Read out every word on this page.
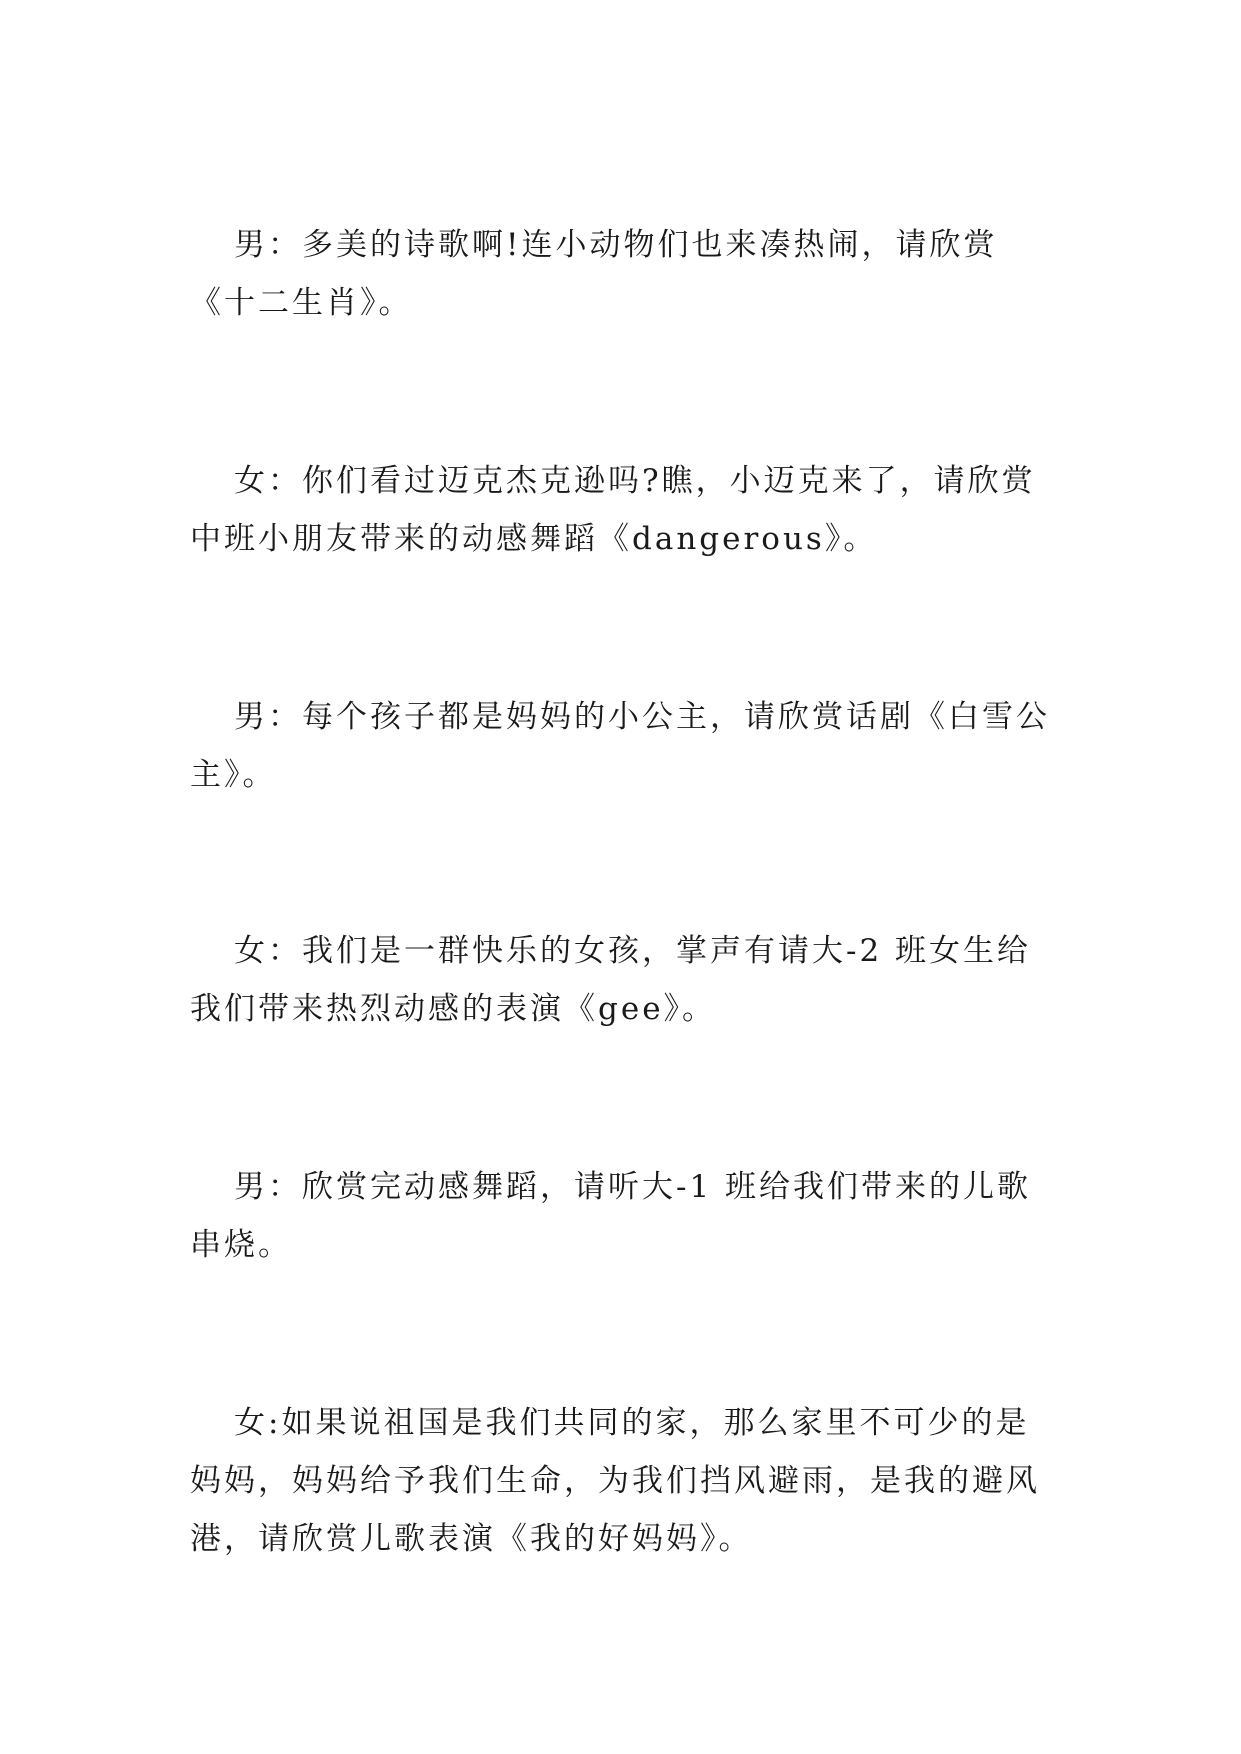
男：多美的诗歌啊!连小动物们也来凑热闹，请欣赏《十二生肖》。

女：你们看过迈克杰克逊吗?瞧，小迈克来了，请欣赏中班小朋友带来的动感舞蹈《dangerous》。

男：每个孩子都是妈妈的小公主，请欣赏话剧《白雪公主》。

女：我们是一群快乐的女孩，掌声有请大-2 班女生给我们带来热烈动感的表演《gee》。

男：欣赏完动感舞蹈，请听大-1 班给我们带来的儿歌串烧。

女:如果说祖国是我们共同的家，那么家里不可少的是妈妈，妈妈给予我们生命，为我们挡风避雨，是我的避风港，请欣赏儿歌表演《我的好妈妈》。
